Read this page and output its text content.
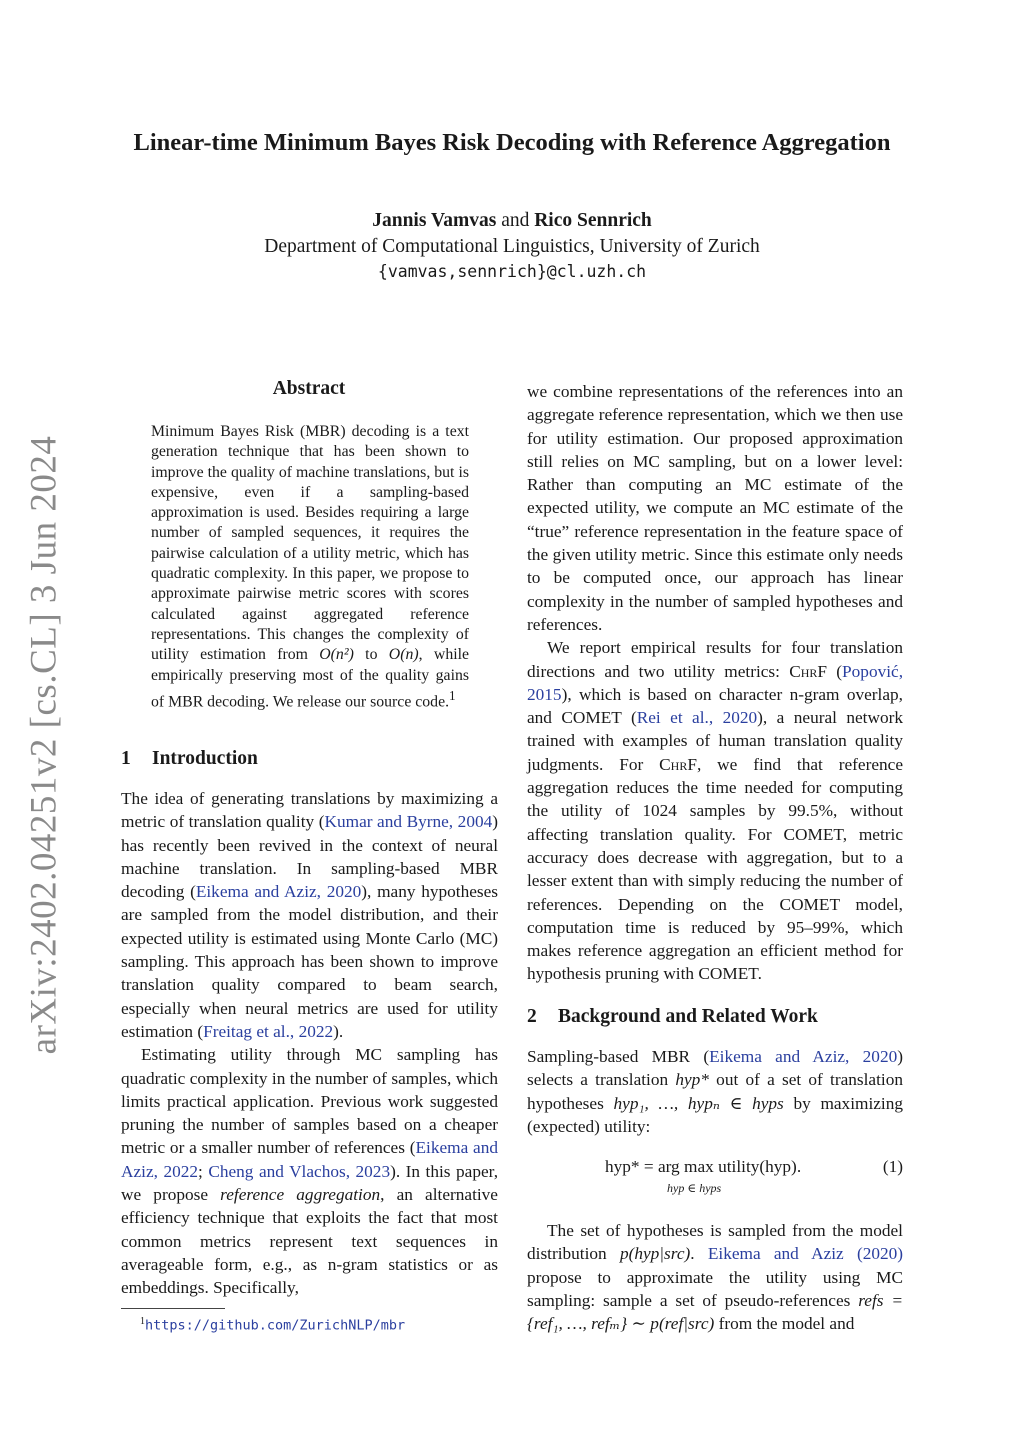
arXiv:2402.04251v2 [cs.CL] 3 Jun 2024
Linear-time Minimum Bayes Risk Decoding with Reference Aggregation
Jannis Vamvas and Rico Sennrich
Department of Computational Linguistics, University of Zurich
{vamvas,sennrich}@cl.uzh.ch
Abstract

Minimum Bayes Risk (MBR) decoding is a text generation technique that has been shown to improve the quality of machine translations, but is expensive, even if a sampling-based approximation is used. Besides requiring a large number of sampled sequences, it requires the pairwise calculation of a utility metric, which has quadratic complexity. In this paper, we propose to approximate pairwise metric scores with scores calculated against aggregated reference representations. This changes the complexity of utility estimation from O(n²) to O(n), while empirically preserving most of the quality gains of MBR decoding. We release our source code.$^1$

1 Introduction

The idea of generating translations by maximizing a metric of translation quality (Kumar and Byrne, 2004) has recently been revived in the context of neural machine translation. In sampling-based MBR decoding (Eikema and Aziz, 2020), many hypotheses are sampled from the model distribution, and their expected utility is estimated using Monte Carlo (MC) sampling. This approach has been shown to improve translation quality compared to beam search, especially when neural metrics are used for utility estimation (Freitag et al., 2022).

Estimating utility through MC sampling has quadratic complexity in the number of samples, which limits practical application. Previous work suggested pruning the number of samples based on a cheaper metric or a smaller number of references (Eikema and Aziz, 2022; Cheng and Vlachos, 2023). In this paper, we propose reference aggregation, an alternative efficiency technique that exploits the fact that most common metrics represent text sequences in averageable form, e.g., as n-gram statistics or as embeddings. Specifically,

we combine representations of the references into an aggregate reference representation, which we then use for utility estimation. Our proposed approximation still relies on MC sampling, but on a lower level: Rather than computing an MC estimate of the expected utility, we compute an MC estimate of the “true” reference representation in the feature space of the given utility metric. Since this estimate only needs to be computed once, our approach has linear complexity in the number of sampled hypotheses and references.

We report empirical results for four translation directions and two utility metrics: ChrF (Popović, 2015), which is based on character n-gram overlap, and COMET (Rei et al., 2020), a neural network trained with examples of human translation quality judgments. For ChrF, we find that reference aggregation reduces the time needed for computing the utility of 1024 samples by 99.5%, without affecting translation quality. For COMET, metric accuracy does decrease with aggregation, but to a lesser extent than with simply reducing the number of references. Depending on the COMET model, computation time is reduced by 95–99%, which makes reference aggregation an efficient method for hypothesis pruning with COMET.

2 Background and Related Work

Sampling-based MBR (Eikema and Aziz, 2020) selects a translation hyp* out of a set of translation hypotheses hyp₁, …, hypₙ ∈ hyps by maximizing (expected) utility:

hyp* = arg max utility(hyp).
hyp ∈ hyps
(1)

The set of hypotheses is sampled from the model distribution p(hyp|src). Eikema and Aziz (2020) propose to approximate the utility using MC sampling: sample a set of pseudo-references refs = {ref₁, …, refₘ} ∼ p(ref|src) from the model and

$^1$https://github.com/ZurichNLP/mbr
